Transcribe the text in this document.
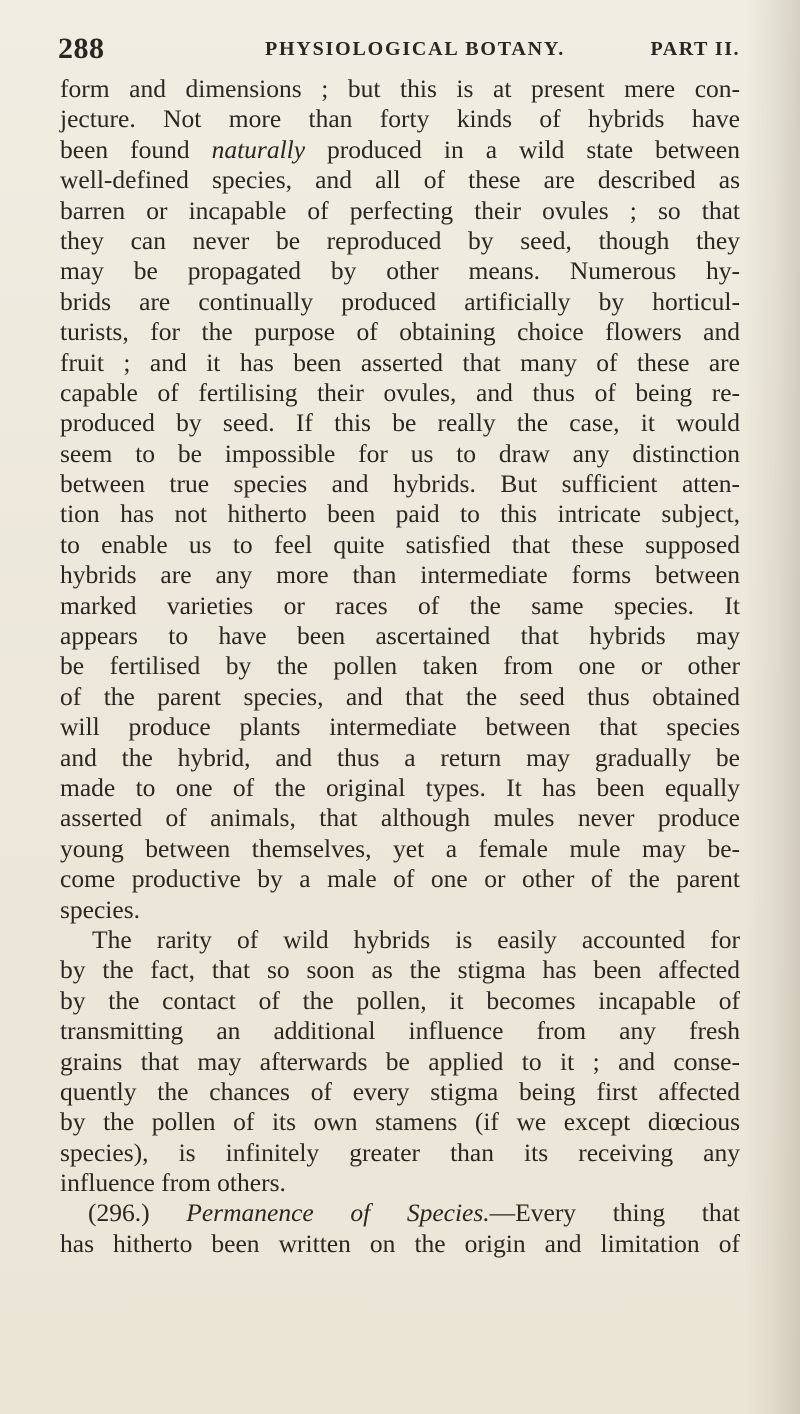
288	PHYSIOLOGICAL BOTANY.	PART II.
form and dimensions ; but this is at present mere con-
jecture. Not more than forty kinds of hybrids have
been found naturally produced in a wild state between
well-defined species, and all of these are described as
barren or incapable of perfecting their ovules ; so that
they can never be reproduced by seed, though they
may be propagated by other means. Numerous hy-
brids are continually produced artificially by horticul-
turists, for the purpose of obtaining choice flowers and
fruit ; and it has been asserted that many of these are
capable of fertilising their ovules, and thus of being re-
produced by seed. If this be really the case, it would
seem to be impossible for us to draw any distinction
between true species and hybrids. But sufficient atten-
tion has not hitherto been paid to this intricate subject,
to enable us to feel quite satisfied that these supposed
hybrids are any more than intermediate forms between
marked varieties or races of the same species. It
appears to have been ascertained that hybrids may
be fertilised by the pollen taken from one or other
of the parent species, and that the seed thus obtained
will produce plants intermediate between that species
and the hybrid, and thus a return may gradually be
made to one of the original types. It has been equally
asserted of animals, that although mules never produce
young between themselves, yet a female mule may be-
come productive by a male of one or other of the parent
species.
The rarity of wild hybrids is easily accounted for
by the fact, that so soon as the stigma has been affected
by the contact of the pollen, it becomes incapable of
transmitting an additional influence from any fresh
grains that may afterwards be applied to it ; and conse-
quently the chances of every stigma being first affected
by the pollen of its own stamens (if we except diœcious
species), is infinitely greater than its receiving any
influence from others.
(296.) Permanence of Species.—Every thing that
has hitherto been written on the origin and limitation of
